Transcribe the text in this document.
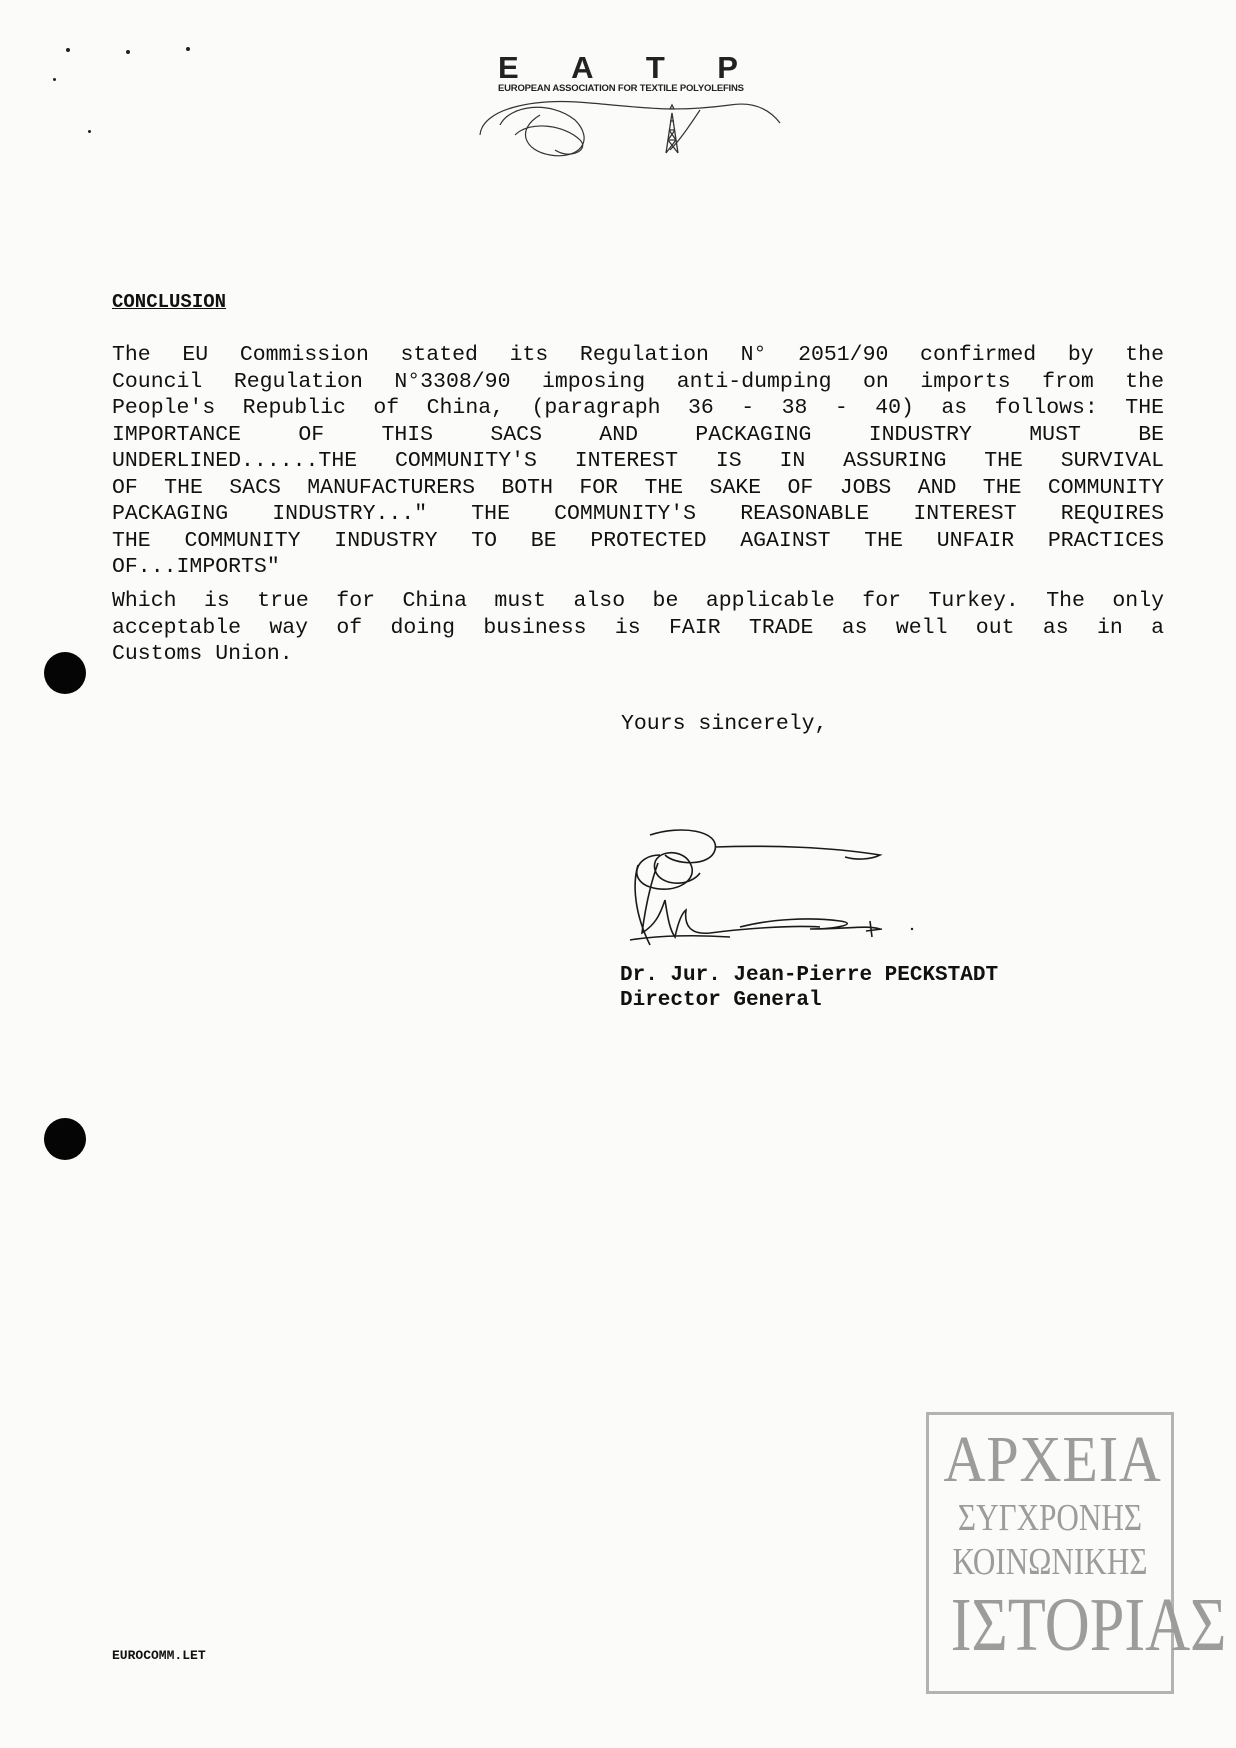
E A T P
EUROPEAN ASSOCIATION FOR TEXTILE POLYOLEFINS
CONCLUSION
The EU Commission stated its Regulation N° 2051/90 confirmed by the
Council Regulation N°3308/90 imposing anti-dumping on imports from the
People's Republic of China, (paragraph 36 - 38 - 40) as follows: THE
IMPORTANCE OF THIS SACS AND PACKAGING INDUSTRY MUST BE
UNDERLINED......THE COMMUNITY'S INTEREST IS IN ASSURING THE SURVIVAL
OF THE SACS MANUFACTURERS BOTH FOR THE SAKE OF JOBS AND THE COMMUNITY
PACKAGING INDUSTRY..." THE COMMUNITY'S REASONABLE INTEREST REQUIRES
THE COMMUNITY INDUSTRY TO BE PROTECTED AGAINST THE UNFAIR PRACTICES
OF...IMPORTS"
Which is true for China must also be applicable for Turkey. The only
acceptable way of doing business is FAIR TRADE as well out as in a
Customs Union.
Yours sincerely,
Dr. Jur. Jean-Pierre PECKSTADT
Director General
EUROCOMM.LET
ΑΡΧΕΙΑ
ΣΥΓΧΡΟΝΗΣ
ΚΟΙΝΩΝΙΚΗΣ
ΙΣΤΟΡΙΑΣ
